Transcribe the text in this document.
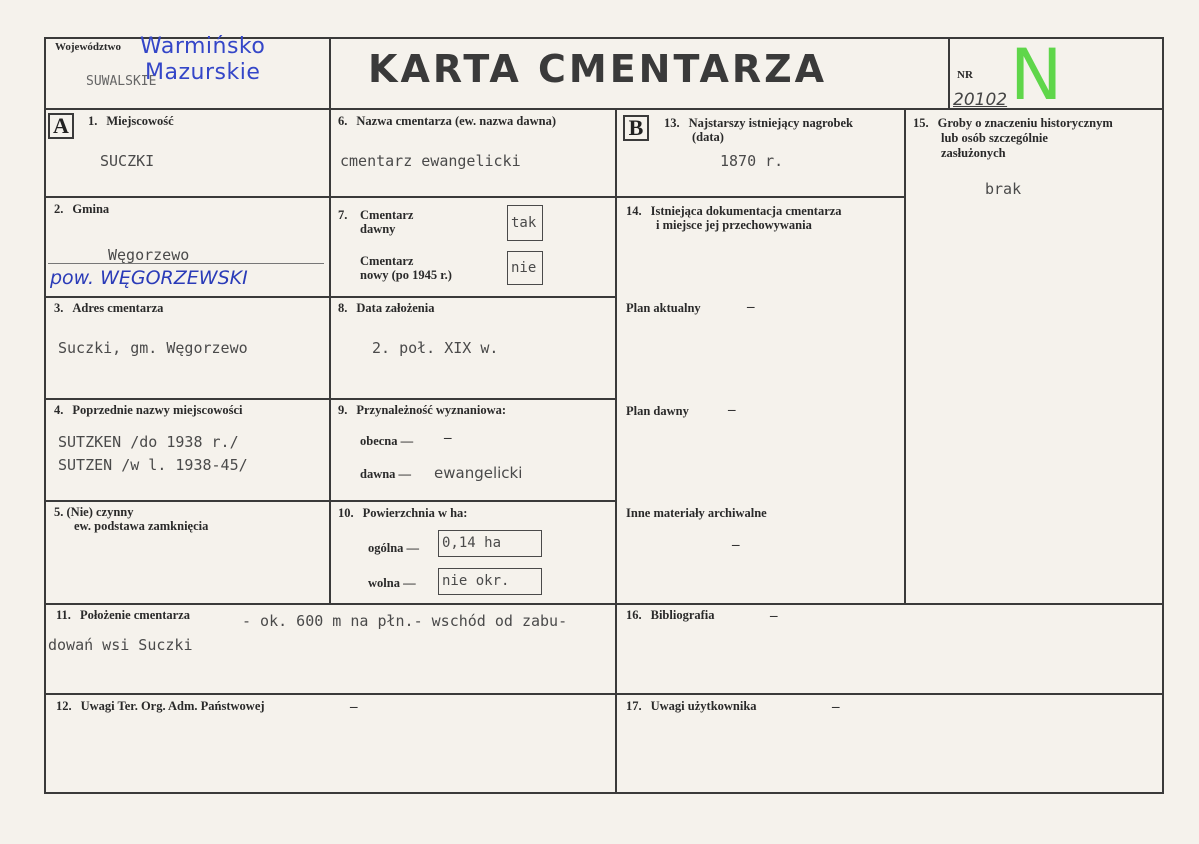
Województwo
SUWALSKIE
Warmińsko
Mazurskie	KARTA CMENTARZA	NR
20102 N
A	1. Miejscowość
SUCZKI
2. Gmina
Węgorzewo
pow. WĘGORZEWSKI
3. Adres cmentarza
Suczki, gm. Węgorzewo
4. Poprzednie nazwy miejscowości
SUTZKEN /do 1938 r./
SUTZEN /w l. 1938-45/
5. (Nie) czynny
ew. podstawa zamknięcia
6. Nazwa cmentarza (ew. nazwa dawna)
cmentarz ewangelicki
7. Cmentarz
dawny	tak
Cmentarz
nowy (po 1945 r.)	nie
8. Data założenia
2. poł. XIX w.
9. Przynależność wyznaniowa:
obecna — –
dawna — ewangelicki
10. Powierzchnia w ha:
ogólna — 0,14 ha
wolna — nie okr.
B	13. Najstarszy istniejący nagrobek
(data)
1870 r.
14. Istniejąca dokumentacja cmentarza
i miejsce jej przechowywania
Plan aktualny	–
Plan dawny	–
Inne materiały archiwalne
–
15. Groby o znaczeniu historycznym
lub osób szczególnie
zasłużonych
brak
11. Położenie cmentarza	- ok. 600 m na płn.- wschód od zabu-
dowań wsi Suczki
16. Bibliografia	–
12. Uwagi Ter. Org. Adm. Państwowej	–	17. Uwagi użytkownika	–
